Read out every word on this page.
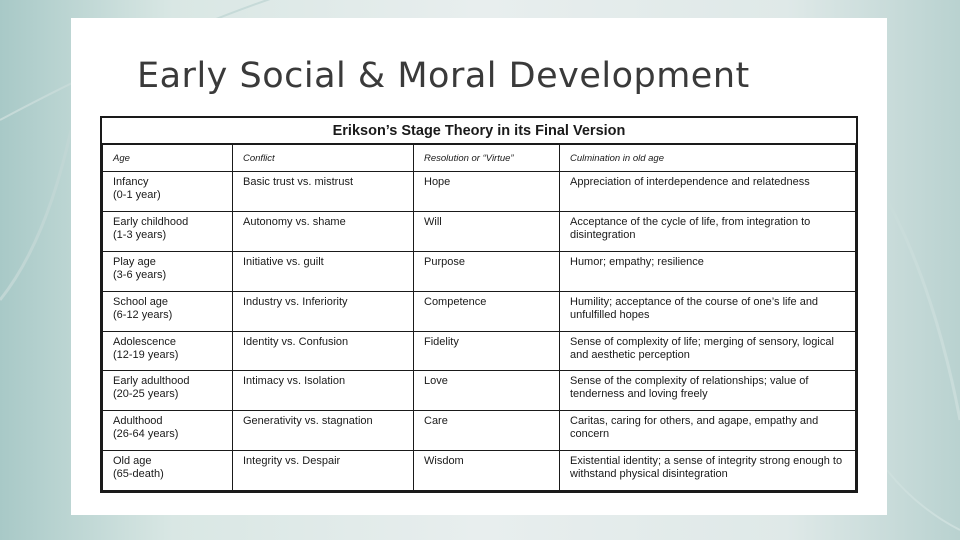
Early Social & Moral Development
Erikson’s Stage Theory in its Final Version			
Age	Conflict	Resolution or “Virtue”	Culmination in old age

Infancy
(0-1 year)	Basic trust vs. mistrust	Hope	Appreciation of interdependence and relatedness

Early childhood
(1-3 years)	Autonomy vs. shame	Will	Acceptance of the cycle of life, from integration to disintegration

Play age
(3-6 years)	Initiative vs. guilt	Purpose	Humor; empathy; resilience

School age
(6-12 years)	Industry vs. Inferiority	Competence	Humility; acceptance of the course of one’s life and unfulfilled hopes

Adolescence
(12-19 years)	Identity vs. Confusion	Fidelity	Sense of complexity of life; merging of sensory, logical and aesthetic perception

Early adulthood
(20-25 years)	Intimacy vs. Isolation	Love	Sense of the complexity of relationships; value of tenderness and loving freely

Adulthood
(26-64 years)	Generativity vs. stagnation	Care	Caritas, caring for others, and agape, empathy and concern

Old age
(65-death)	Integrity vs. Despair	Wisdom	Existential identity; a sense of integrity strong enough to withstand physical disintegration
